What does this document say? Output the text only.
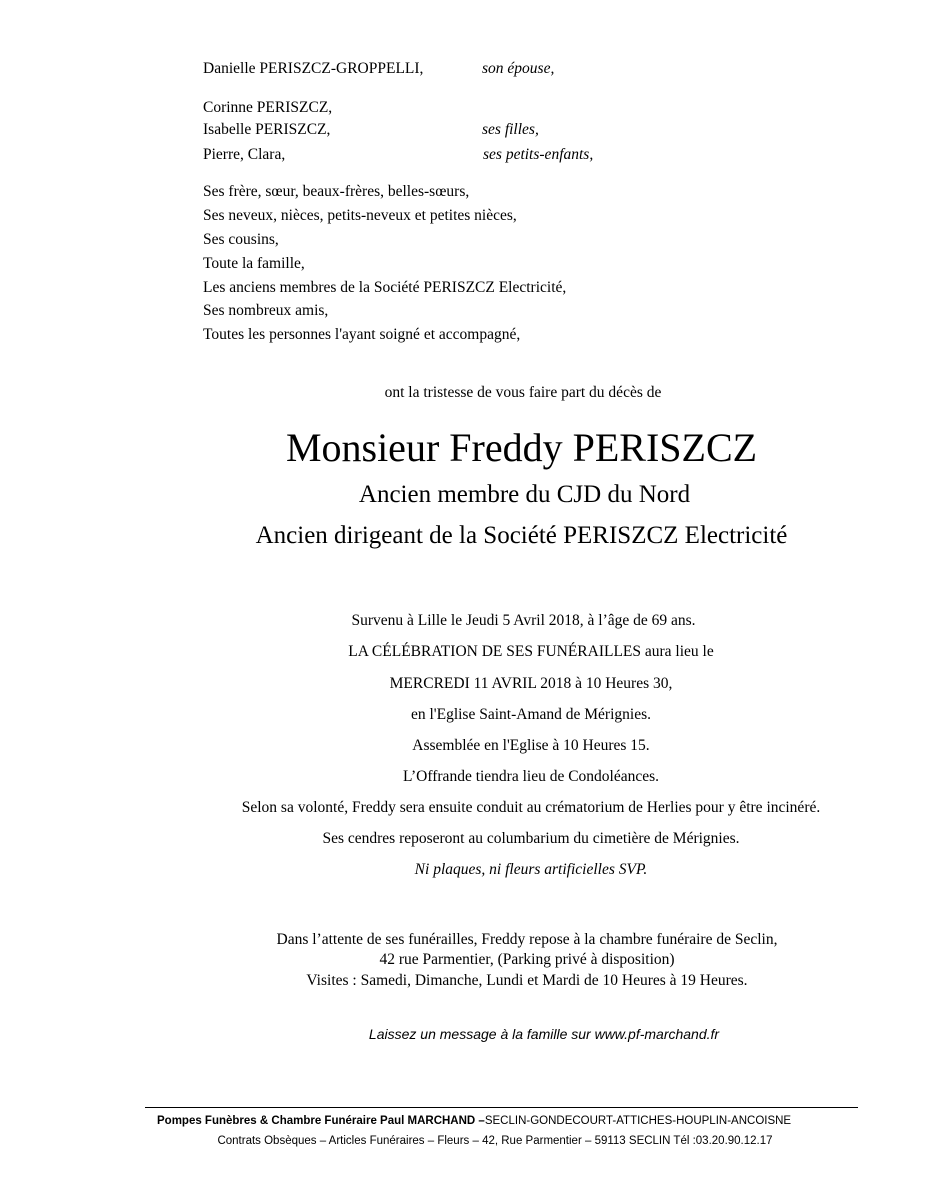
Danielle PERISZCZ-GROPPELLI,	son épouse,
Corinne PERISZCZ,
Isabelle PERISZCZ,	ses filles,
Pierre, Clara,	ses petits-enfants,
Ses frère, sœur, beaux-frères, belles-sœurs,
Ses neveux, nièces, petits-neveux et petites nièces,
Ses cousins,
Toute la famille,
Les anciens membres de la Société PERISZCZ Electricité,
Ses nombreux amis,
Toutes les personnes l'ayant soigné et accompagné,
ont la tristesse de vous faire part du décès de
Monsieur Freddy PERISZCZ
Ancien membre du CJD du Nord
Ancien dirigeant de la Société PERISZCZ Electricité
Survenu à Lille le Jeudi 5 Avril 2018, à l’âge de 69 ans.
LA CÉLÉBRATION DE SES FUNÉRAILLES aura lieu le
MERCREDI 11 AVRIL 2018 à 10 Heures 30,
en l'Eglise Saint-Amand de Mérignies.
Assemblée en l'Eglise à 10 Heures 15.
L’Offrande tiendra lieu de Condoléances.
Selon sa volonté, Freddy sera ensuite conduit au crématorium de Herlies pour y être incinéré.
Ses cendres reposeront au columbarium du cimetière de Mérignies.
Ni plaques, ni fleurs artificielles SVP.
Dans l’attente de ses funérailles, Freddy repose à la chambre funéraire de Seclin,
42 rue Parmentier, (Parking privé à disposition)
Visites : Samedi, Dimanche, Lundi et Mardi de 10 Heures à 19 Heures.
Laissez un message à la famille sur www.pf-marchand.fr
Pompes Funèbres & Chambre Funéraire Paul MARCHAND –SECLIN-GONDECOURT-ATTICHES-HOUPLIN-ANCOISNE
Contrats Obsèques – Articles Funéraires – Fleurs – 42, Rue Parmentier – 59113 SECLIN Tél :03.20.90.12.17
